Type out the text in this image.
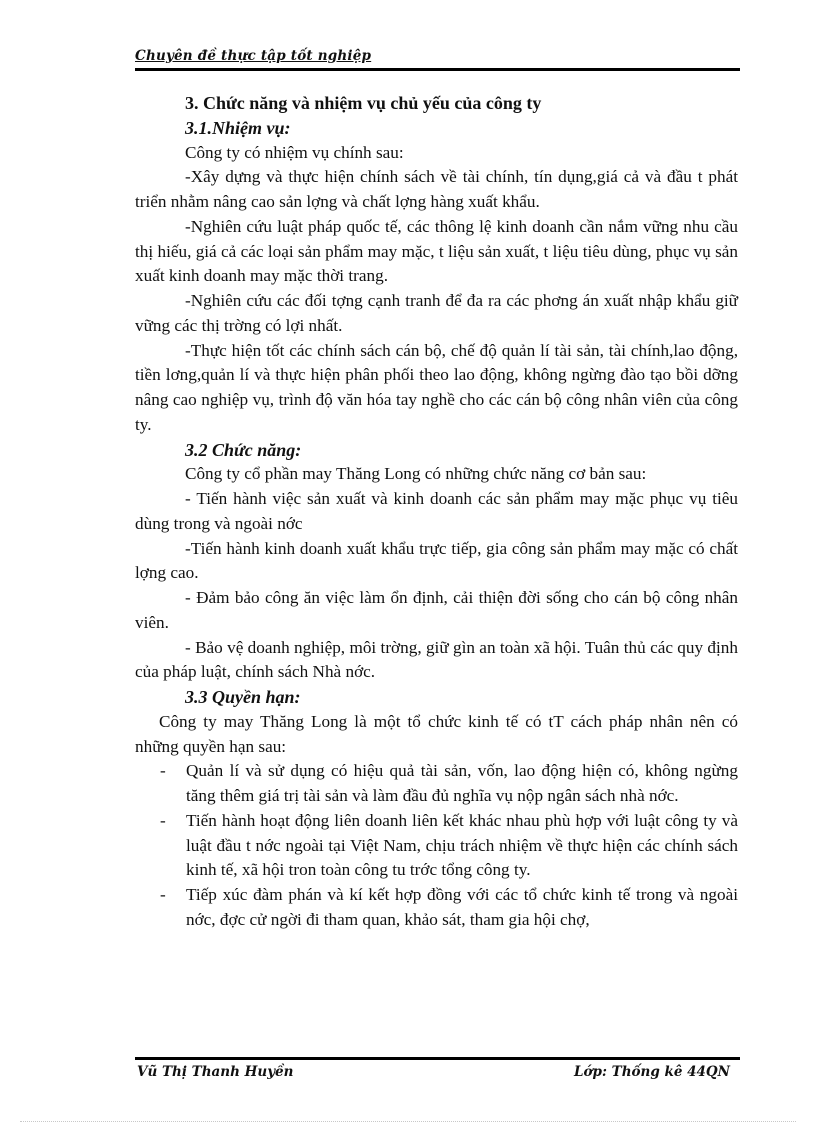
Chuyên đề thực tập tốt nghiệp

3. Chức năng và nhiệm vụ chủ yếu của công ty

3.1.Nhiệm vụ:

Công ty có nhiệm vụ chính sau:

-Xây dựng và thực hiện chính sách về tài chính, tín dụng,giá cả và đầu t phát triển nhằm nâng cao sản lợng và chất lợng hàng xuất khẩu.

-Nghiên cứu luật pháp quốc tế, các thông lệ kinh doanh cần nắm vững nhu cầu thị hiếu, giá cả các loại sản phẩm may mặc, t liệu sản xuất, t liệu tiêu dùng, phục vụ sản xuất kinh doanh may mặc thời trang.

-Nghiên cứu các đối tợng cạnh tranh để đa ra các phơng án xuất nhập khẩu giữ vững các thị trờng có lợi nhất.

-Thực hiện tốt các chính sách cán bộ, chế độ quản lí tài sản, tài chính,lao động, tiền lơng,quản lí và thực hiện phân phối theo lao động, không ngừng đào tạo bồi dỡng nâng cao nghiệp vụ, trình độ văn hóa tay nghề cho các cán bộ công nhân viên của công ty.

3.2 Chức năng:

Công ty cổ phần may Thăng Long có những chức năng cơ bản sau:

- Tiến hành việc sản xuất và kinh doanh các sản phẩm may mặc phục vụ tiêu dùng trong và ngoài nớc

-Tiến hành kinh doanh xuất khẩu trực tiếp, gia công sản phẩm may mặc có chất lợng cao.

- Đảm bảo công ăn việc làm ổn định, cải thiện đời sống cho cán bộ công nhân viên.

- Bảo vệ doanh nghiệp, môi trờng, giữ gìn an toàn xã hội. Tuân thủ các quy định của pháp luật, chính sách Nhà nớc.

3.3 Quyền hạn:

Công ty may Thăng Long là một tổ chức kinh tế có tT cách pháp nhân nên có những quyền hạn sau:

- Quản lí và sử dụng có hiệu quả tài sản, vốn, lao động hiện có, không ngừng tăng thêm giá trị tài sản và làm đầu đủ nghĩa vụ nộp ngân sách nhà nớc.
- Tiến hành hoạt động liên doanh liên kết khác nhau phù hợp với luật công ty và luật đầu t nớc ngoài tại Việt Nam, chịu trách nhiệm về thực hiện các chính sách kinh tế, xã hội tron toàn công tu trớc tổng công ty.
- Tiếp xúc đàm phán và kí kết hợp đồng với các tổ chức kinh tế trong và ngoài nớc, đợc cử ngời đi tham quan, khảo sát, tham gia hội chợ,
Vũ Thị Thanh Huyền	Lớp: Thống kê 44QN
